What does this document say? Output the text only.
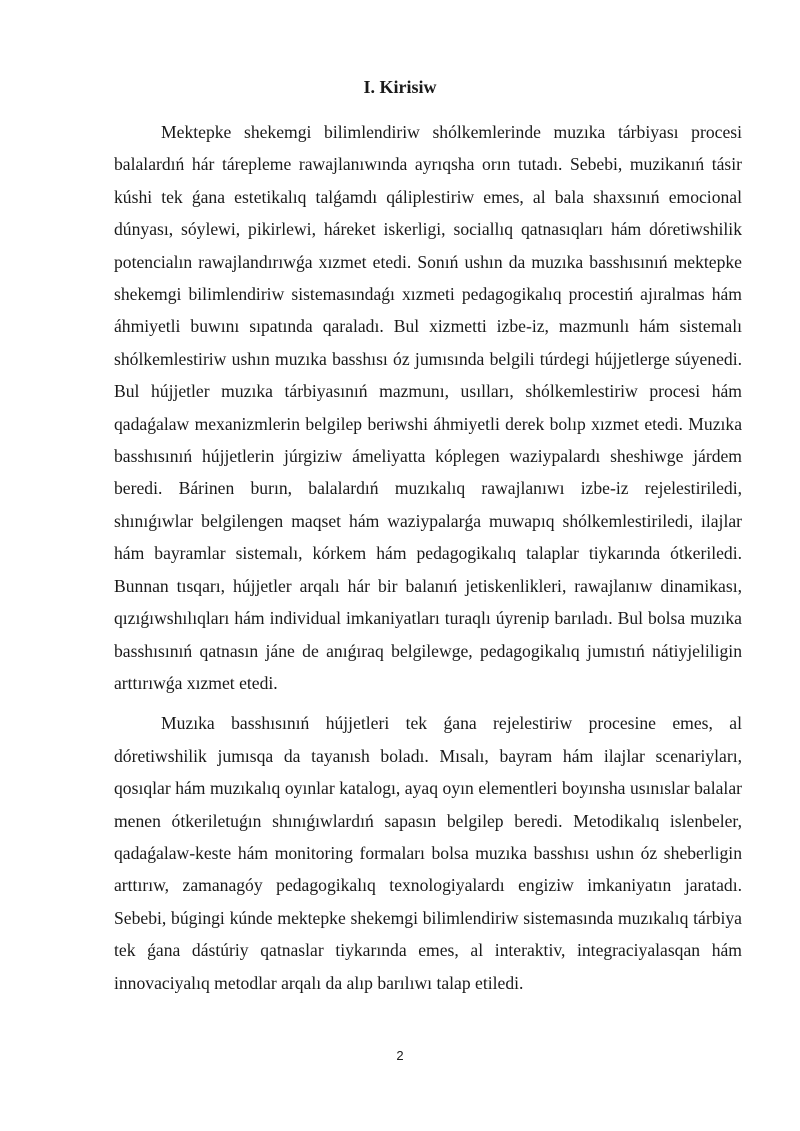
I. Kirisiw

Mektepke shekemgi bilimlendiriw shólkemlerinde muzıka tárbiyası procesi balalardıń hár tárepleme rawajlanıwında ayrıqsha orın tutadı. Sebebi, muzikanıń tásir kúshi tek ǵana estetikalıq talǵamdı qáliplestiriw emes, al bala shaxsınıń emocional dúnyası, sóylewi, pikirlewi, háreket iskerligi, sociallıq qatnasıqları hám dóretiwshilik potencialın rawajlandırıwǵa xızmet etedi. Sonıń ushın da muzıka basshısınıń mektepke shekemgi bilimlendiriw sistemasındaǵı xızmeti pedagogikalıq procestiń ajıralmas hám áhmiyetli buwını sıpatında qaraladı. Bul xizmetti izbe-iz, mazmunlı hám sistemalı shólkemlestiriw ushın muzıka basshısı óz jumısında belgili túrdegi hújjetlerge súyenedi. Bul hújjetler muzıka tárbiyasınıń mazmunı, usılları, shólkemlestiriw procesi hám qadaǵalaw mexanizmlerin belgilep beriwshi áhmiyetli derek bolıp xızmet etedi. Muzıka basshısınıń hújjetlerin júrgiziw ámeliyatta kóplegen waziypalardı sheshiwge járdem beredi. Bárinen burın, balalardıń muzıkalıq rawajlanıwı izbe-iz rejelestiriledi, shınıǵıwlar belgilengen maqset hám waziypalarǵa muwapıq shólkemlestiriledi, ilajlar hám bayramlar sistemalı, kórkem hám pedagogikalıq talaplar tiykarında ótkeriledi. Bunnan tısqarı, hújjetler arqalı hár bir balanıń jetiskenlikleri, rawajlanıw dinamikası, qızıǵıwshılıqları hám individual imkaniyatları turaqlı úyrenip barıladı. Bul bolsa muzıka basshısınıń qatnasın jáne de anıǵıraq belgilewge, pedagogikalıq jumıstıń nátiyjeliligin arttırıwǵa xızmet etedi.

Muzıka basshısınıń hújjetleri tek ǵana rejelestiriw procesine emes, al dóretiwshilik jumısqa da tayanısh boladı. Mısalı, bayram hám ilajlar scenariyları, qosıqlar hám muzıkalıq oyınlar katalogı, ayaq oyın elementleri boyınsha usınıslar balalar menen ótkeriletuǵın shınıǵıwlardıń sapasın belgilep beredi. Metodikalıq islenbeler, qadaǵalaw-keste hám monitoring formaları bolsa muzıka basshısı ushın óz sheberligin arttırıw, zamanagóy pedagogikalıq texnologiyalardı engiziw imkaniyatın jaratadı. Sebebi, búgingi kúnde mektepke shekemgi bilimlendiriw sistemasında muzıkalıq tárbiya tek ǵana dástúriy qatnaslar tiykarında emes, al interaktiv, integraciyalasqan hám innovaciyalıq metodlar arqalı da alıp barılıwı talap etiledi.

2
